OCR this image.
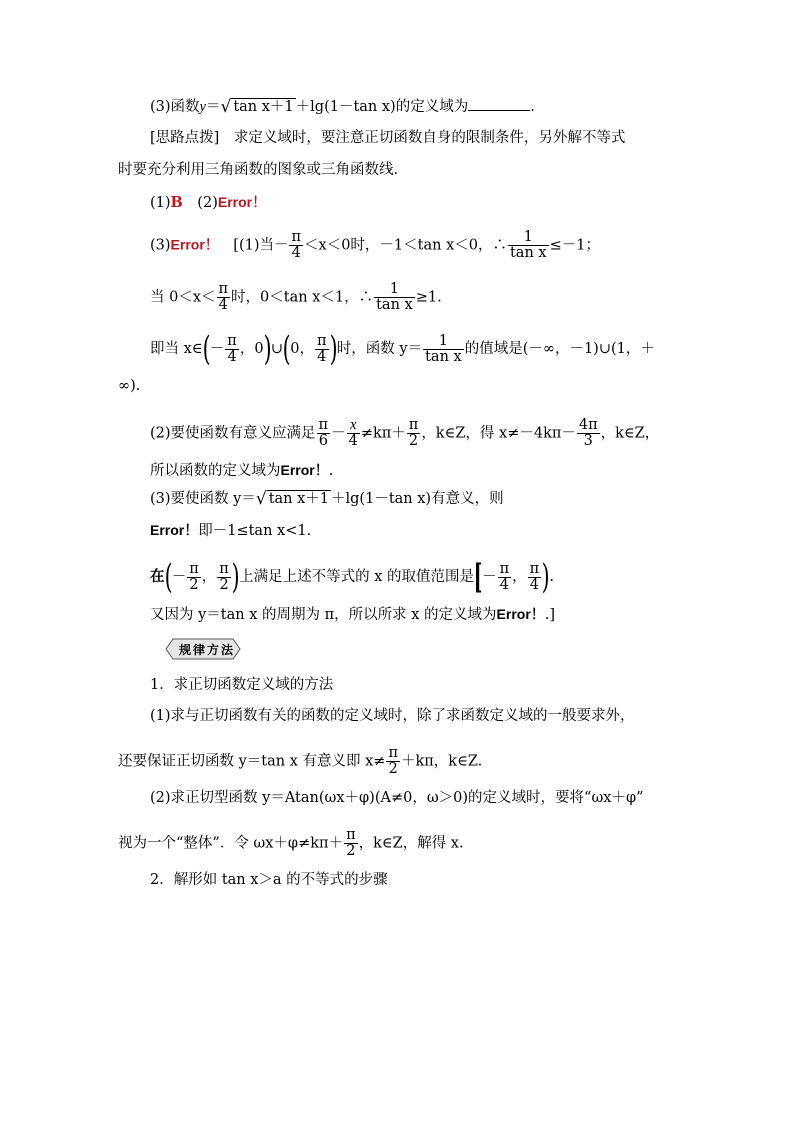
(3)函数y＝√ tan x＋1 ＋lg(1－tan x)的定义域为	.
[思路点拨]　求定义域时，要注意正切函数自身的限制条件，另外解不等式
时要充分利用三角函数的图象或三角函数线.
(1)B　(2)Error！
(3)Error！　[(1)当－ $\frac{\pi}{4} <x<0$时，－1＜tan x＜0，∴ $\frac{1}{\text{tan x}} \le-1$；
当 $0<x< \frac{\pi}{4}$ 时，0＜tan x＜1，∴ $\frac{1}{\text{tan x}} \ge 1$.
即当 x∈(－ $\frac{\pi}{4}$ ，0)∪(0， $\frac{\pi}{4}$ )时，函数 $y= \frac{1}{\text{tan x}}$ 的值域是(－∞，－1)∪(1，＋
∞).
(2)要使函数有意义应满足 $\frac{\pi}{6} - \frac{x}{4} \ne k\pi+ \frac{\pi}{2}$ ，k∈Z，得 $x\ne-4k\pi- \frac{4\pi}{3}$ ，k∈Z，
所以函数的定义域为Error！.
(3)要使函数 y＝√ tan x＋1 ＋lg(1－tan x)有意义，则
Error！即－1≤tan x<1.
在(－ $\frac{\pi}{2}$ ， $\frac{\pi}{2}$ )上满足上述不等式的 x 的取值范围是[－ $\frac{\pi}{4}$ ， $\frac{\pi}{4}$ ).
又因为 y＝tan x 的周期为 π，所以所求 x 的定义域为Error！.]
规 律 方 法
1．求正切函数定义域的方法
(1)求与正切函数有关的函数的定义域时，除了求函数定义域的一般要求外，
还要保证正切函数 y＝tan x 有意义即 $x\ne \frac{\pi}{2} +k\pi$，k∈Z.
(2)求正切型函数 y＝Atan(ωx＋φ)(A≠0，ω＞0)的定义域时，要将“ωx＋φ”
视为一个“整体”．令 $\omega x+\varphi\ne k\pi+ \frac{\pi}{2}$ ，k∈Z，解得 x.
2．解形如 tan x＞a 的不等式的步骤
